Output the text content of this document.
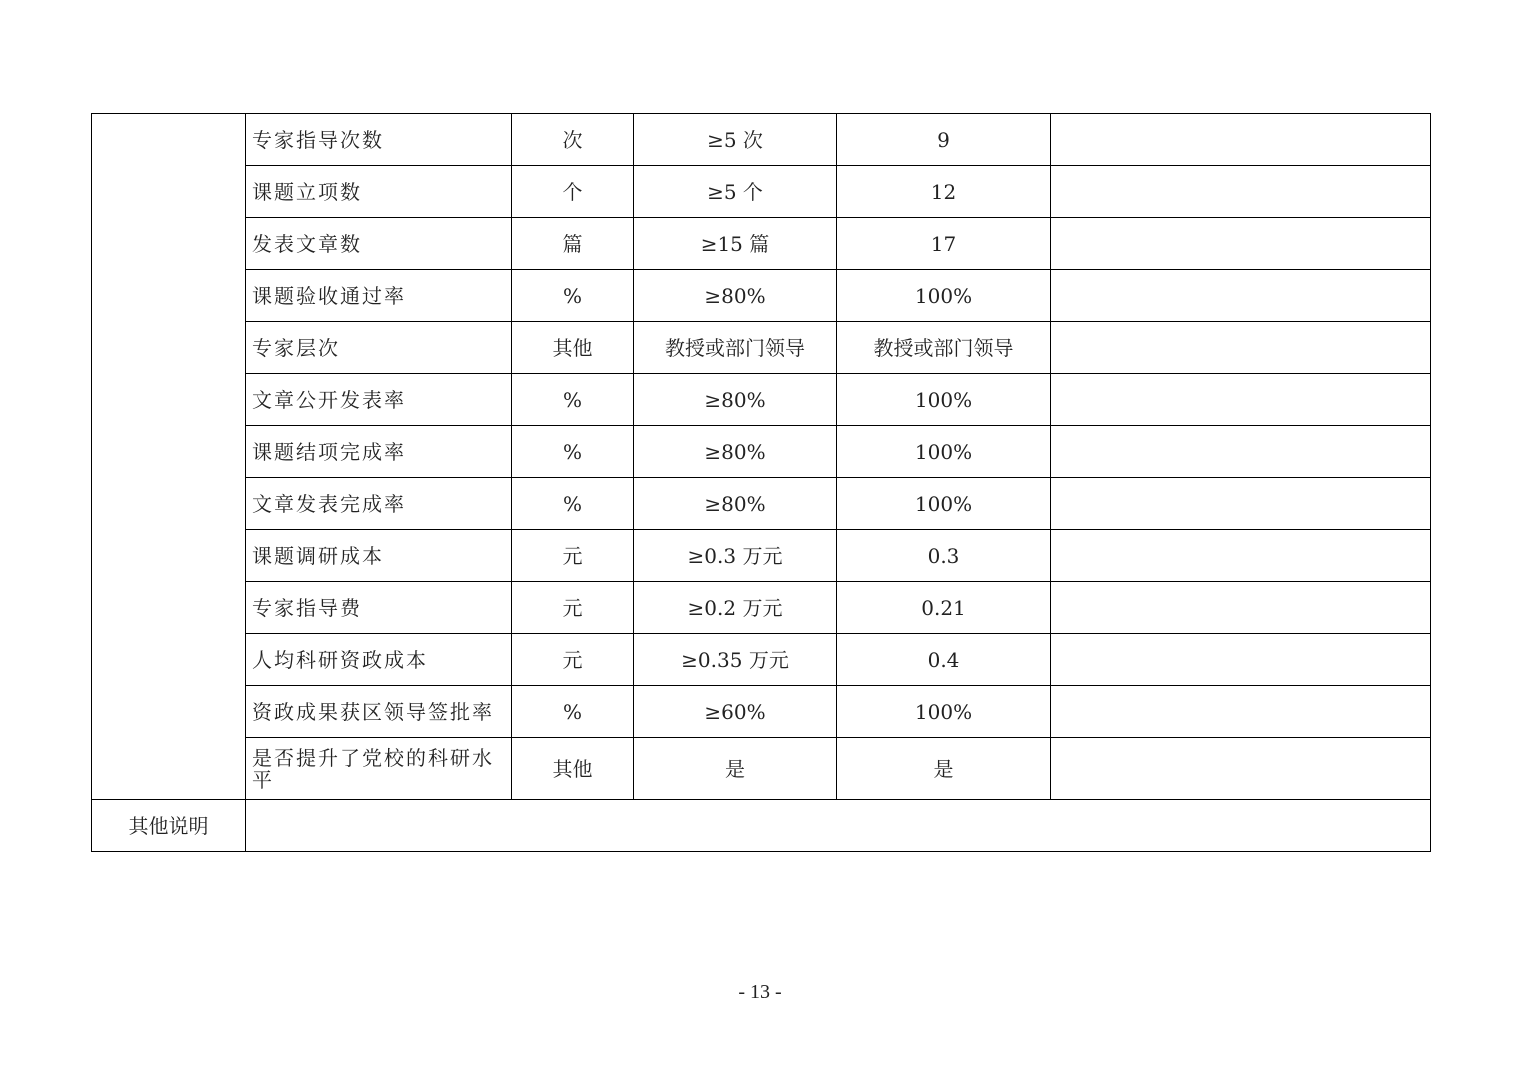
	专家指导次数	次	≥5 次	9	
	课题立项数	个	≥5 个	12	
	发表文章数	篇	≥15 篇	17	
	课题验收通过率	%	≥80%	100%	
	专家层次	其他	教授或部门领导	教授或部门领导	
	文章公开发表率	%	≥80%	100%	
	课题结项完成率	%	≥80%	100%	
	文章发表完成率	%	≥80%	100%	
	课题调研成本	元	≥0.3 万元	0.3	
	专家指导费	元	≥0.2 万元	0.21	
	人均科研资政成本	元	≥0.35 万元	0.4	
	资政成果获区领导签批率	%	≥60%	100%	
	是否提升了党校的科研水平	其他	是	是	
其他说明					
- 13 -
